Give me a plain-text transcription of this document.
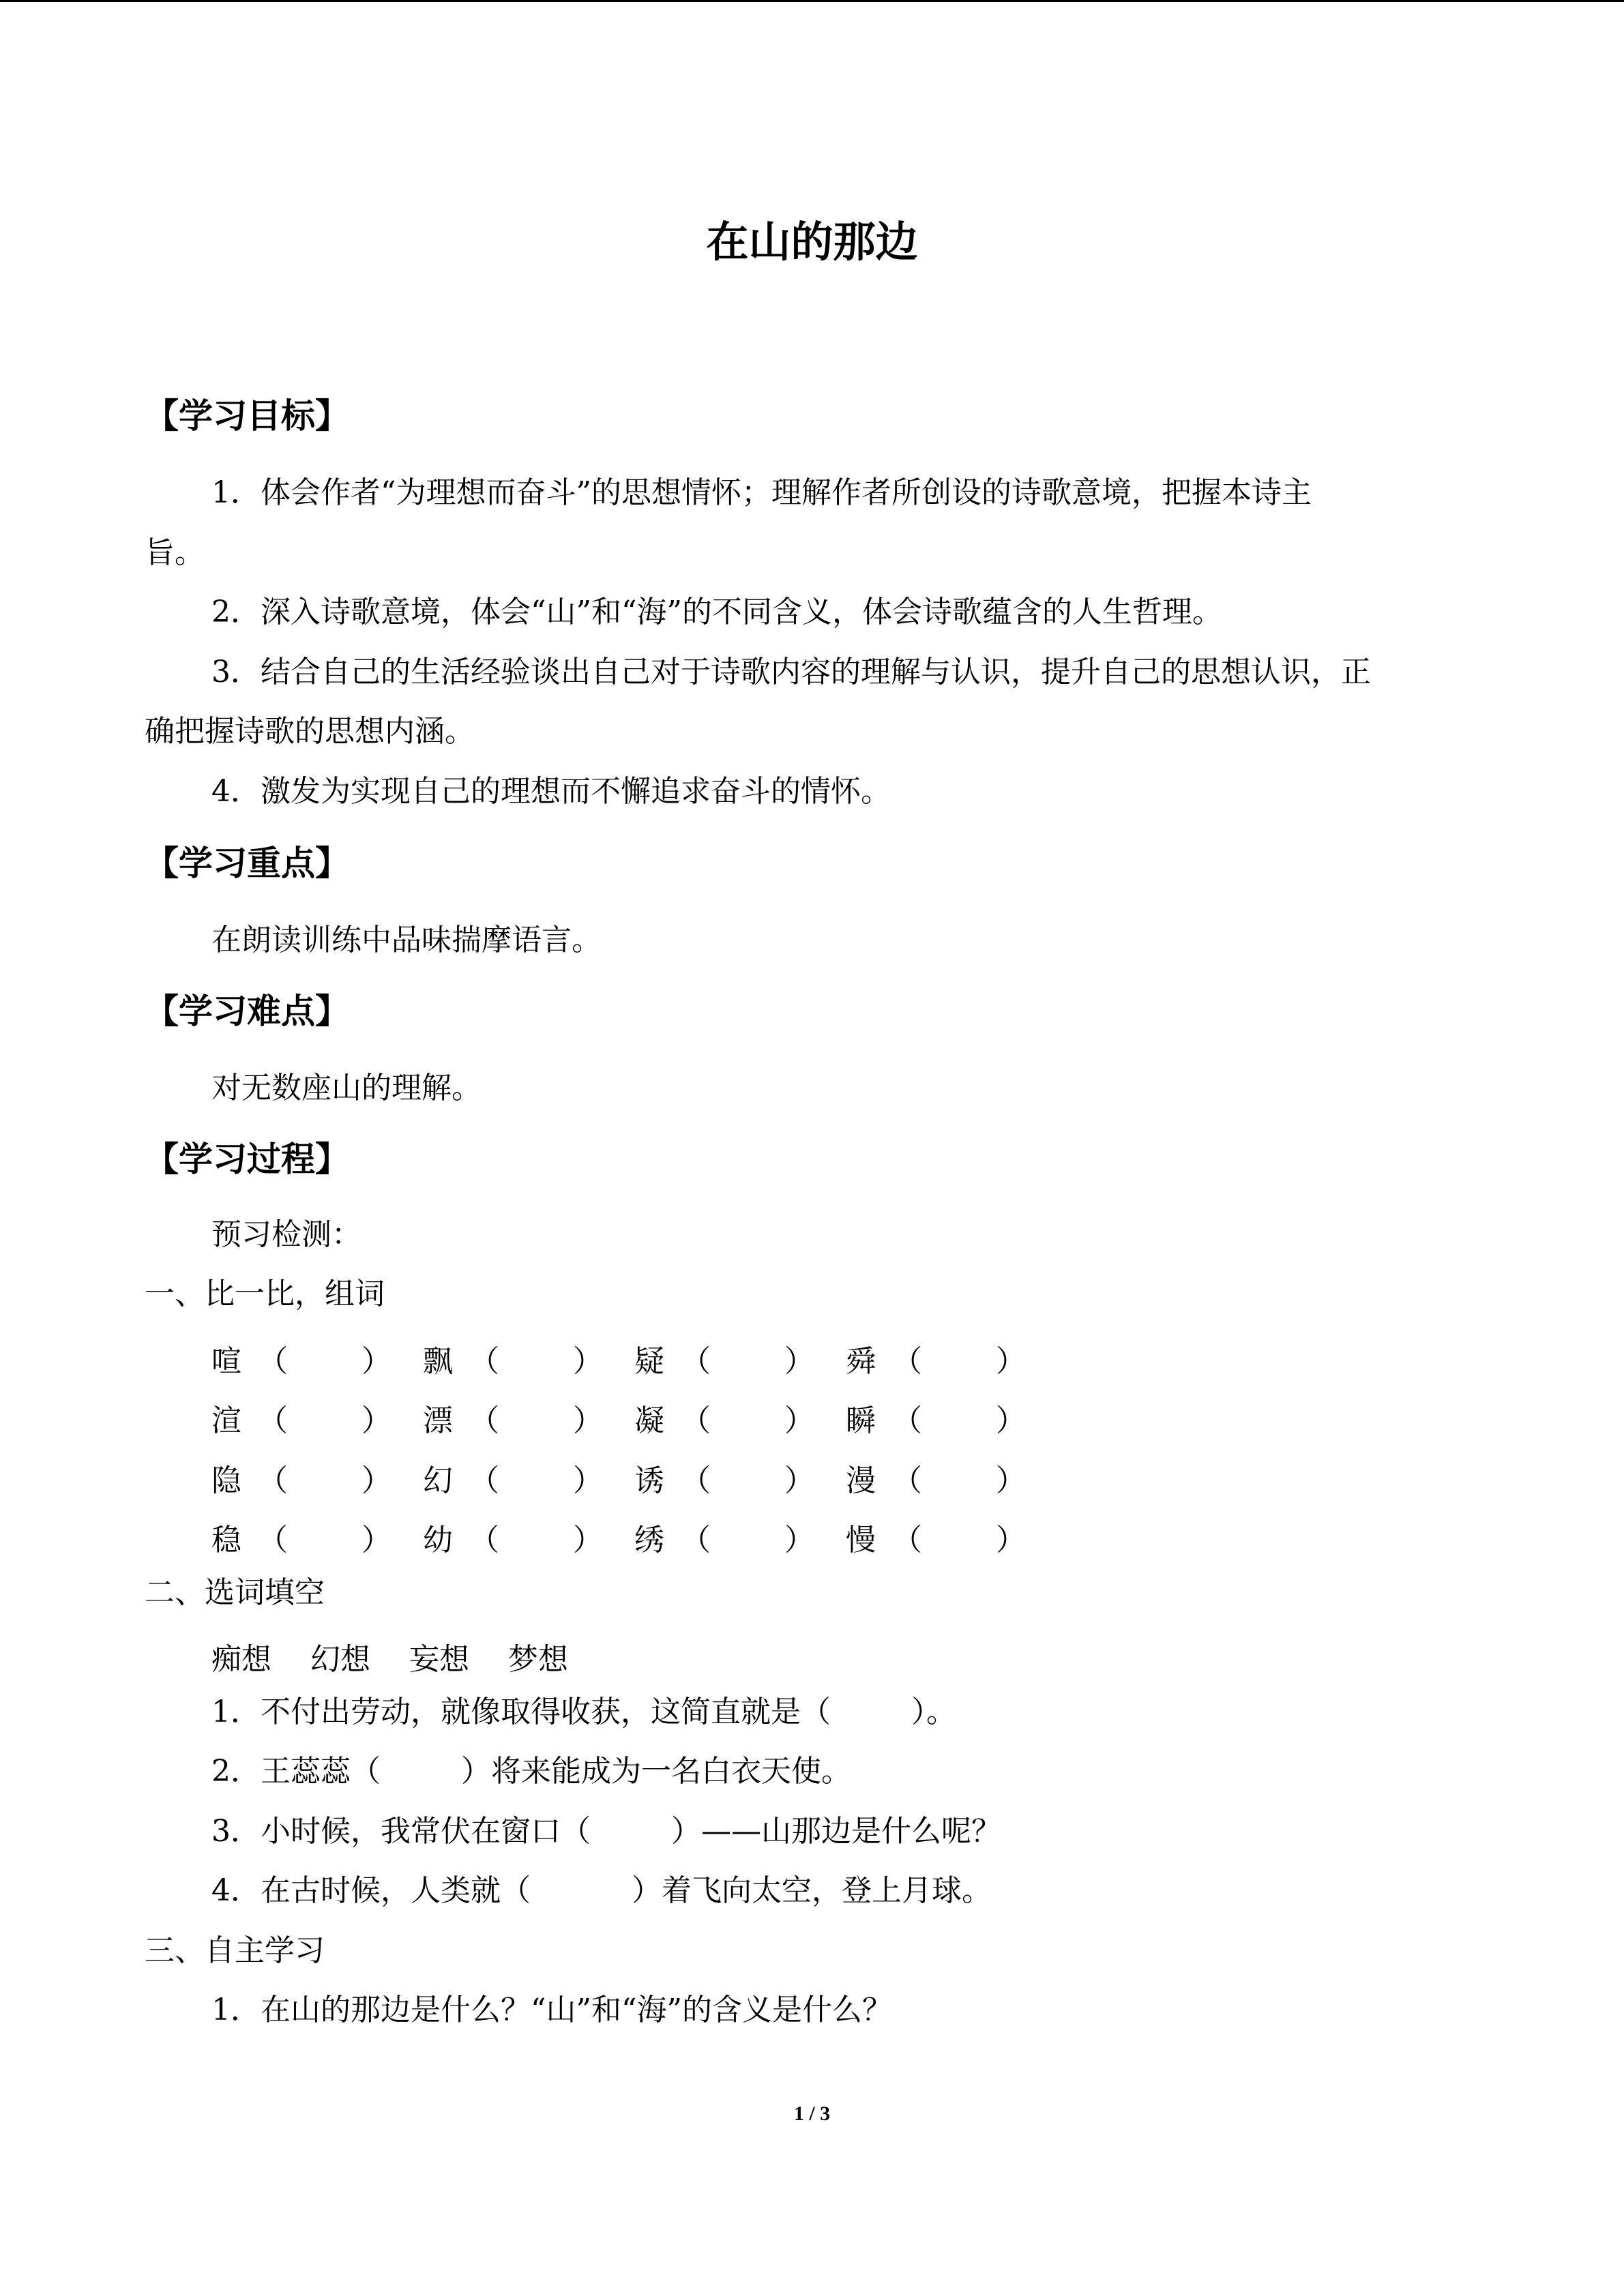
在山的那边
【学习目标】
1．体会作者“为理想而奋斗”的思想情怀；理解作者所创设的诗歌意境，把握本诗主
旨。
2．深入诗歌意境，体会“山”和“海”的不同含义，体会诗歌蕴含的人生哲理。
3．结合自己的生活经验谈出自己对于诗歌内容的理解与认识，提升自己的思想认识，正
确把握诗歌的思想内涵。
4．激发为实现自己的理想而不懈追求奋斗的情怀。
【学习重点】
在朗读训练中品味揣摩语言。
【学习难点】
对无数座山的理解。
【学习过程】
预习检测：
一、比一比，组词
喧 （ ） 飘 （ ） 疑 （ ） 舜 （ ）
渲 （ ） 漂 （ ） 凝 （ ） 瞬 （ ）
隐 （ ） 幻 （ ） 诱 （ ） 漫 （ ）
稳 （ ） 幼 （ ） 绣 （ ） 慢 （ ）
二、选词填空
痴想 幻想 妄想 梦想
1．不付出劳动，就像取得收获，这简直就是（	）。
2．王蕊蕊（	）将来能成为一名白衣天使。
3．小时候，我常伏在窗口（	）——山那边是什么呢？
4．在古时候，人类就（	）着飞向太空，登上月球。
三、自主学习
1．在山的那边是什么？“山”和“海”的含义是什么？
1 / 3
